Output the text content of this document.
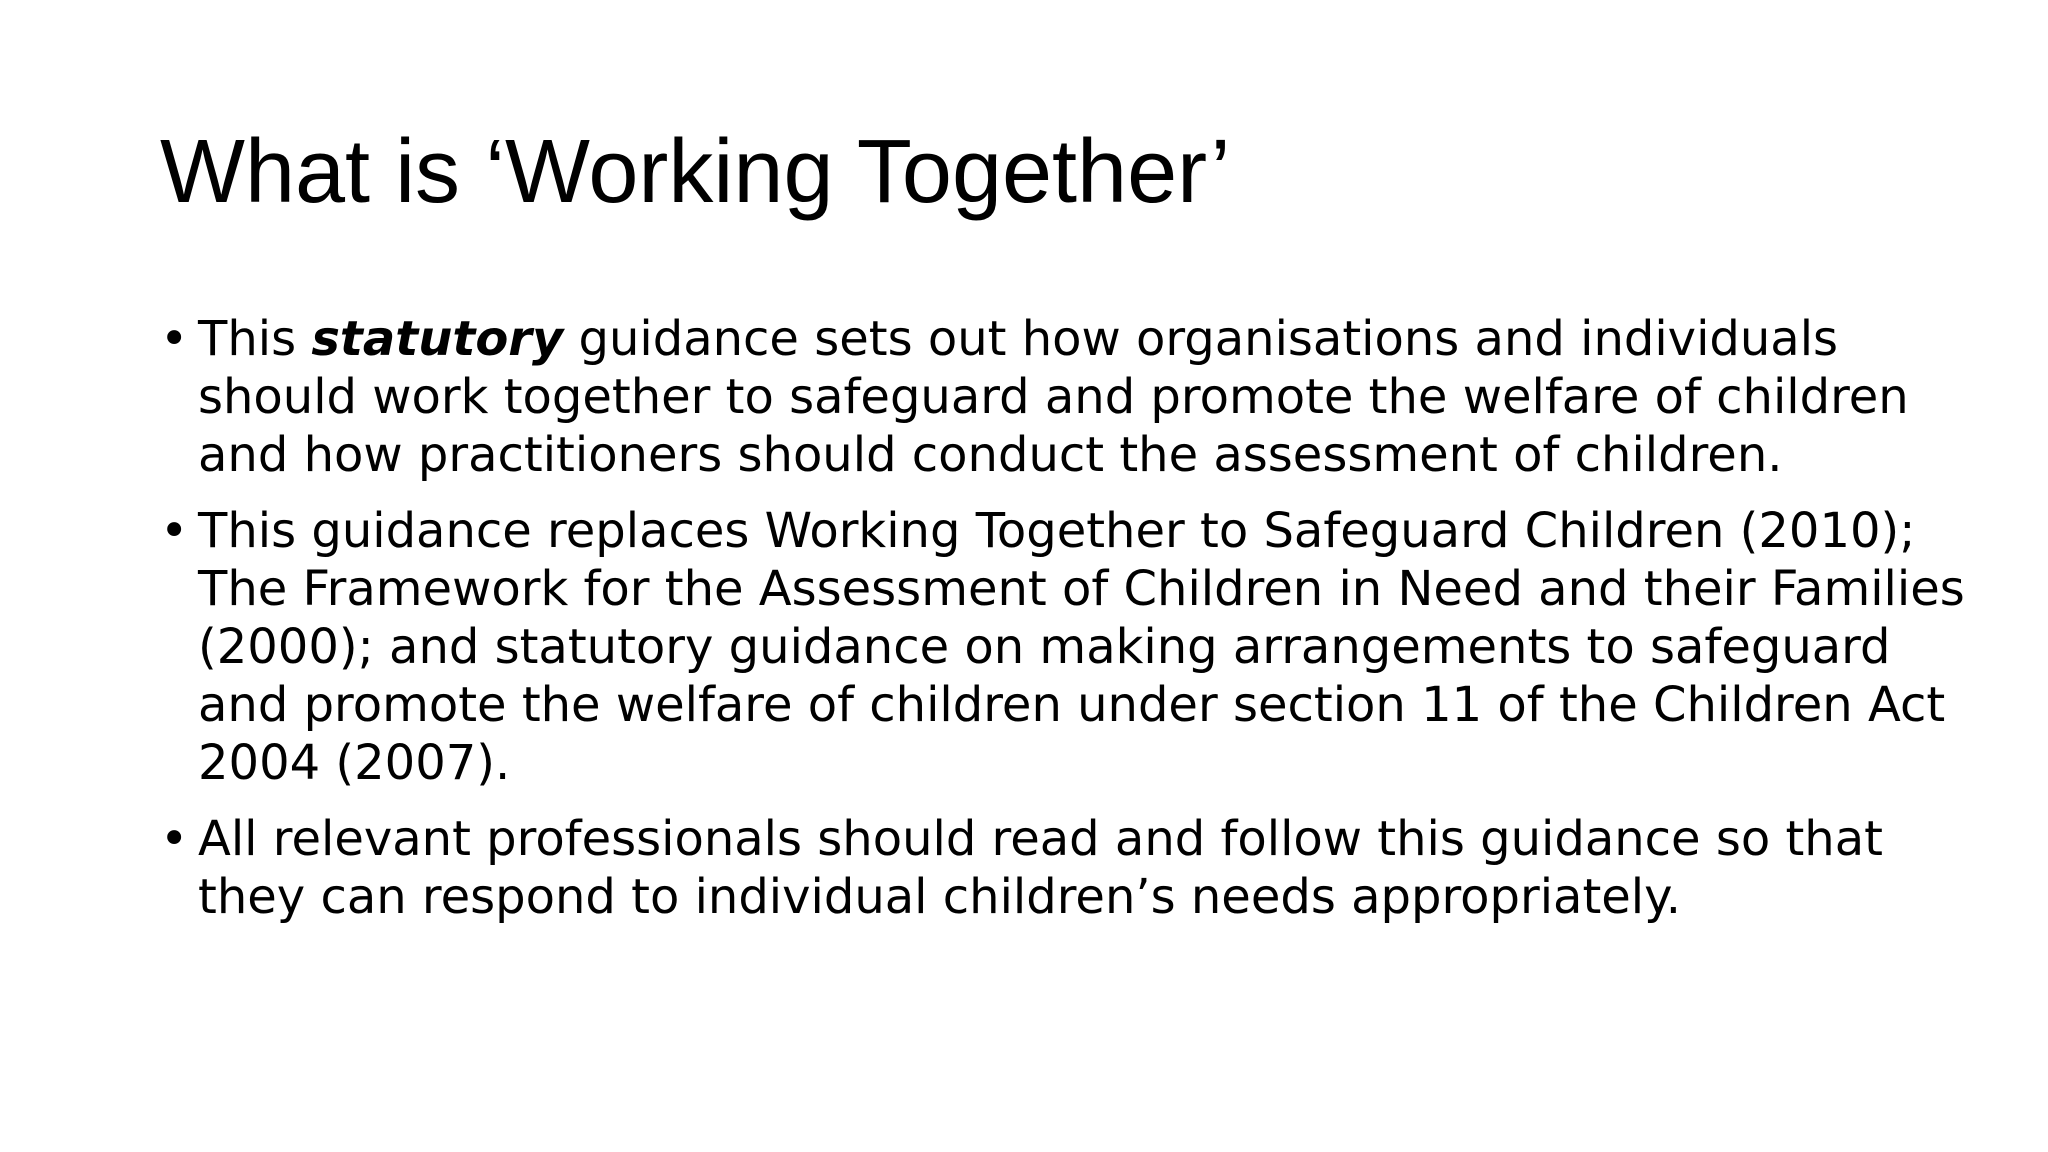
What is ‘Working Together’
• This statutory guidance sets out how organisations and individuals should work together to safeguard and promote the welfare of children and how practitioners should conduct the assessment of children.
• This guidance replaces Working Together to Safeguard Children (2010); The Framework for the Assessment of Children in Need and their Families (2000); and statutory guidance on making arrangements to safeguard and promote the welfare of children under section 11 of the Children Act 2004 (2007).
• All relevant professionals should read and follow this guidance so that they can respond to individual children’s needs appropriately.
